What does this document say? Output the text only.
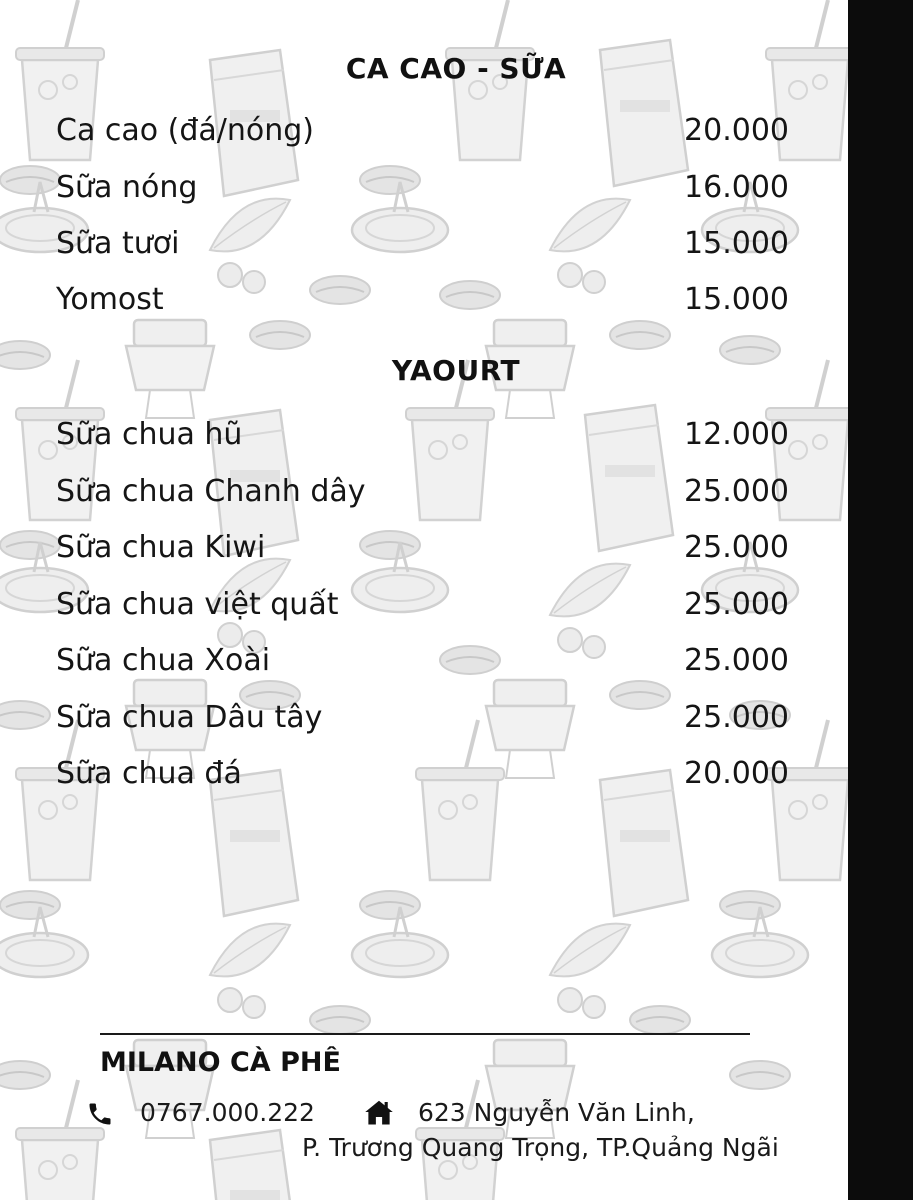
CA CAO - SỮA
Ca cao (đá/nóng)	20.000
Sữa nóng	16.000
Sữa tươi	15.000
Yomost	15.000
YAOURT
Sữa chua hũ	12.000
Sữa chua Chanh dây	25.000
Sữa chua Kiwi	25.000
Sữa chua việt quất	25.000
Sữa chua Xoài	25.000
Sữa chua Dâu tây	25.000
Sữa chua đá	20.000
MILANO CÀ PHÊ
0767.000.222	623 Nguyễn Văn Linh,
P. Trương Quang Trọng, TP.Quảng Ngãi
